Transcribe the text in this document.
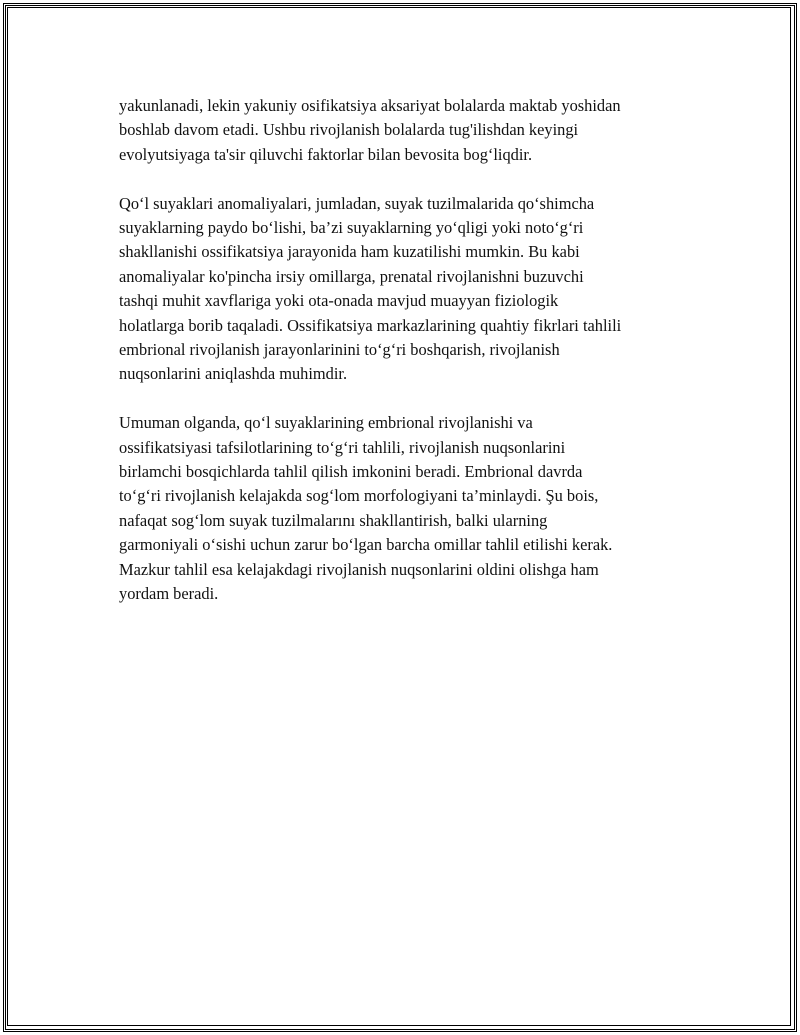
yakunlanadi, lekin yakuniy osifikatsiya aksariyat bolalarda maktab yoshidan
boshlab davom etadi. Ushbu rivojlanish bolalarda tug'ilishdan keyingi
evolyutsiyaga ta'sir qiluvchi faktorlar bilan bevosita bog‘liqdir.

Qo‘l suyaklari anomaliyalari, jumladan, suyak tuzilmalarida qo‘shimcha
suyaklarning paydo bo‘lishi, ba’zi suyaklarning yo‘qligi yoki noto‘g‘ri
shakllanishi ossifikatsiya jarayonida ham kuzatilishi mumkin. Bu kabi
anomaliyalar ko'pincha irsiy omillarga, prenatal rivojlanishni buzuvchi
tashqi muhit xavflariga yoki ota-onada mavjud muayyan fiziologik
holatlarga borib taqaladi. Ossifikatsiya markazlarining quahtiy fikrlari tahlili
embrional rivojlanish jarayonlarinini to‘g‘ri boshqarish, rivojlanish
nuqsonlarini aniqlashda muhimdir.

Umuman olganda, qo‘l suyaklarining embrional rivojlanishi va
ossifikatsiyasi tafsilotlarining to‘g‘ri tahlili, rivojlanish nuqsonlarini
birlamchi bosqichlarda tahlil qilish imkonini beradi. Embrional davrda
to‘g‘ri rivojlanish kelajakda sog‘lom morfologiyani ta’minlaydi. Şu bois,
nafaqat sog‘lom suyak tuzilmalarını shakllantirish, balki ularning
garmoniyali o‘sishi uchun zarur bo‘lgan barcha omillar tahlil etilishi kerak.
Mazkur tahlil esa kelajakdagi rivojlanish nuqsonlarini oldini olishga ham
yordam beradi.
